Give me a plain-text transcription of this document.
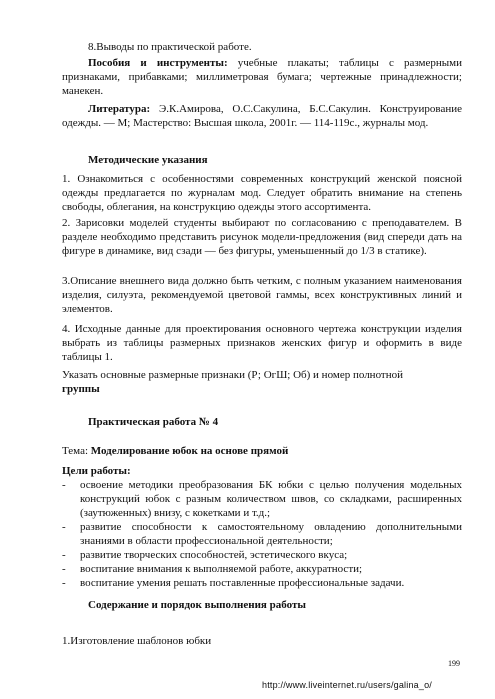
8.Выводы по практической работе.

Пособия и инструменты: учебные плакаты; таблицы с размерными признаками, прибавками; миллиметровая бумага; чертежные принадлежности; манекен.

Литература: Э.К.Амирова, О.С.Сакулина, Б.С.Сакулин. Конструирование одежды. — М; Мастерство: Высшая школа, 2001г. — 114-119с., журналы мод.

Методические указания

1. Ознакомиться с особенностями современных конструкций женской поясной одежды предлагается по журналам мод. Следует обратить внимание на степень свободы, облегания, на конструкцию одежды этого ассортимента.

2. Зарисовки моделей студенты выбирают по согласованию с преподавателем. В разделе необходимо представить рисунок модели-предложения (вид спереди дать на фигуре в динамике, вид сзади — без фигуры, уменьшенный до 1/3 в статике).

3.Описание внешнего вида должно быть четким, с полным указанием наименования изделия, силуэта, рекомендуемой цветовой гаммы, всех конструктивных линий и элементов.

4. Исходные данные для проектирования основного чертежа конструкции изделия выбрать из таблицы размерных признаков женских фигур и оформить в виде таблицы 1.

Указать основные размерные признаки (Р; ОгШ; Об) и номер полнотной
группы

Практическая работа № 4

Тема: Моделирование юбок на основе прямой

Цели работы:

- освоение методики преобразования БК юбки с целью получения модельных конструкций юбок с разным количеством швов, со складками, расширенных (заутюженных) внизу, с кокетками и т.д.;
- развитие способности к самостоятельному овладению дополнительными знаниями в области профессиональной деятельности;
- развитие творческих способностей, эстетического вкуса;
- воспитание внимания к выполняемой работе, аккуратности;
- воспитание умения решать поставленные профессиональные задачи.

Содержание и порядок выполнения работы

1.Изготовление шаблонов юбки

199
http://www.liveinternet.ru/users/galina_o/
